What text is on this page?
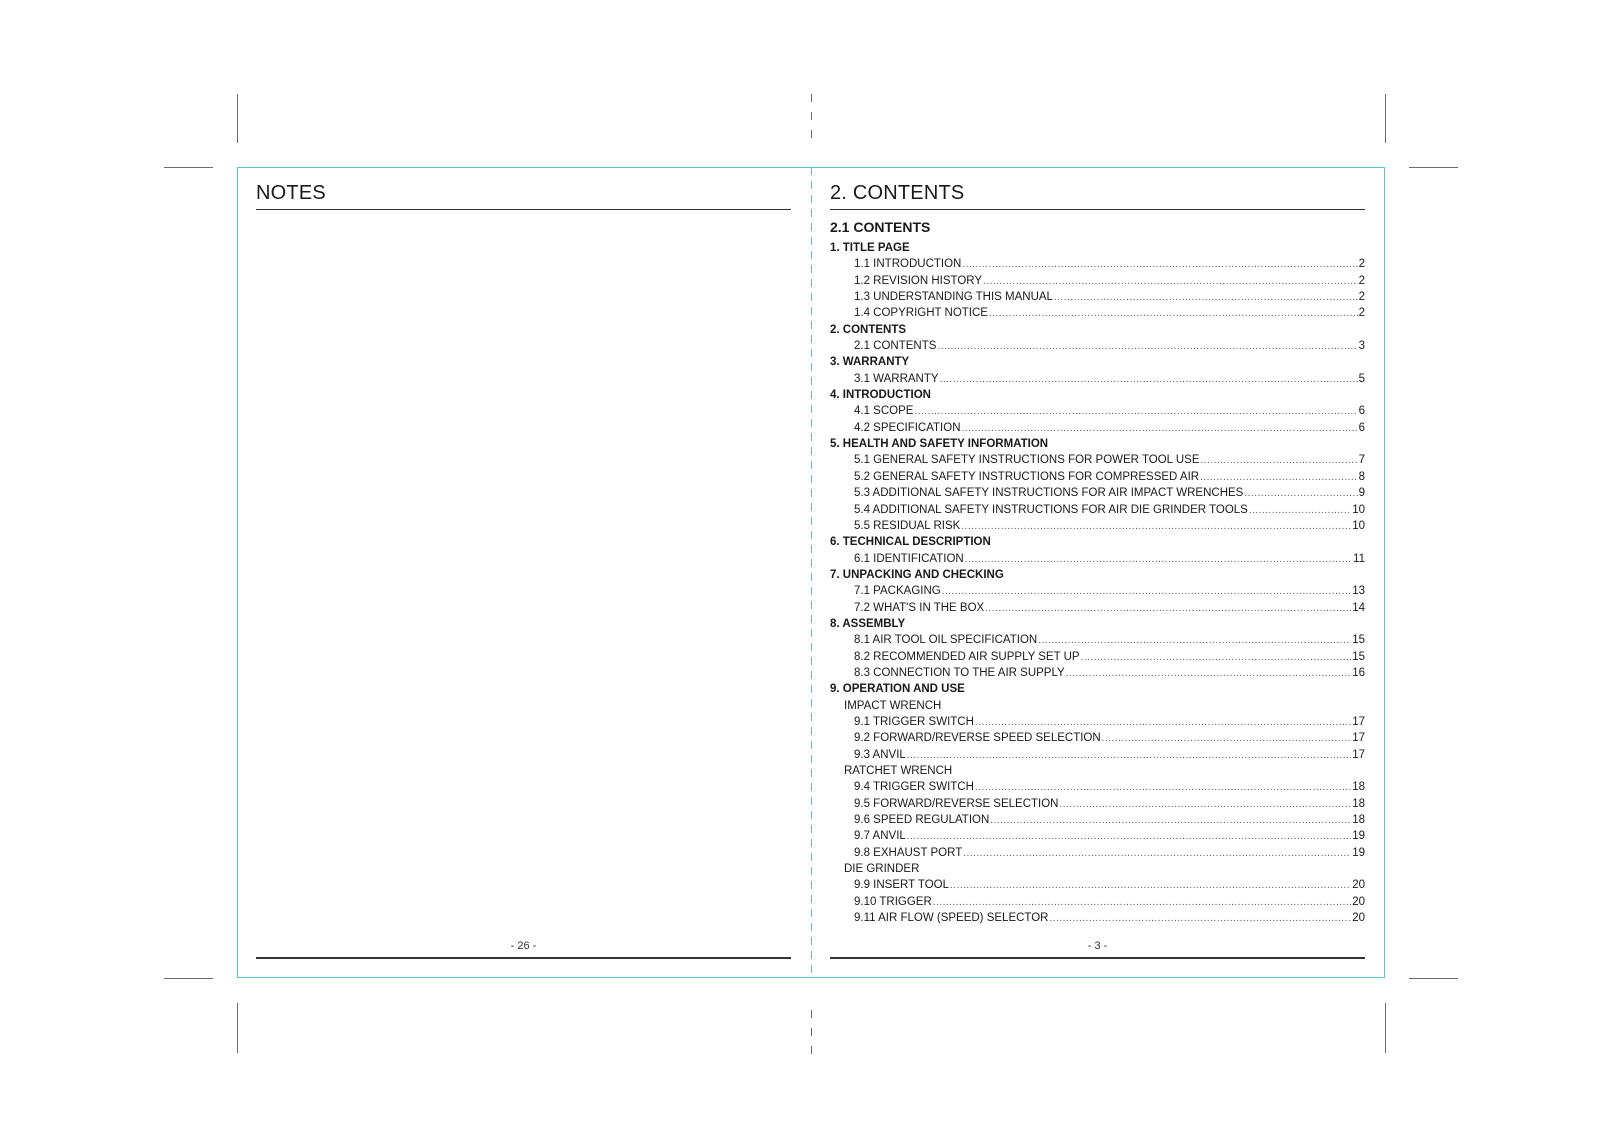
NOTES
- 26 -
2. CONTENTS
2.1 CONTENTS
1. TITLE PAGE
1.1 INTRODUCTION .....	2
1.2 REVISION HISTORY .....	2
1.3 UNDERSTANDING THIS MANUAL .....	2
1.4 COPYRIGHT NOTICE .....	2
2. CONTENTS
2.1 CONTENTS .....	3
3. WARRANTY
3.1 WARRANTY .....	5
4. INTRODUCTION
4.1 SCOPE .....	6
4.2 SPECIFICATION .....	6
5. HEALTH AND SAFETY INFORMATION
5.1 GENERAL SAFETY INSTRUCTIONS FOR POWER TOOL USE .....	7
5.2 GENERAL SAFETY INSTRUCTIONS FOR COMPRESSED AIR .....	8
5.3 ADDITIONAL SAFETY INSTRUCTIONS FOR AIR IMPACT WRENCHES .....	9
5.4 ADDITIONAL SAFETY INSTRUCTIONS FOR AIR DIE GRINDER TOOLS .....	10
5.5 RESIDUAL RISK .....	10
6. TECHNICAL DESCRIPTION
6.1 IDENTIFICATION .....	11
7. UNPACKING AND CHECKING
7.1 PACKAGING .....	13
7.2 WHAT'S IN THE BOX .....	14
8. ASSEMBLY
8.1 AIR TOOL OIL SPECIFICATION .....	15
8.2 RECOMMENDED AIR SUPPLY SET UP .....	15
8.3 CONNECTION TO THE AIR SUPPLY .....	16
9. OPERATION AND USE
IMPACT WRENCH
9.1 TRIGGER SWITCH .....	17
9.2 FORWARD/REVERSE SPEED SELECTION .....	17
9.3 ANVIL .....	17
RATCHET WRENCH
9.4 TRIGGER SWITCH .....	18
9.5 FORWARD/REVERSE SELECTION .....	18
9.6 SPEED REGULATION .....	18
9.7 ANVIL .....	19
9.8 EXHAUST PORT .....	19
DIE GRINDER
9.9 INSERT TOOL .....	20
9.10 TRIGGER .....	20
9.11 AIR FLOW (SPEED) SELECTOR .....	20
- 3 -
